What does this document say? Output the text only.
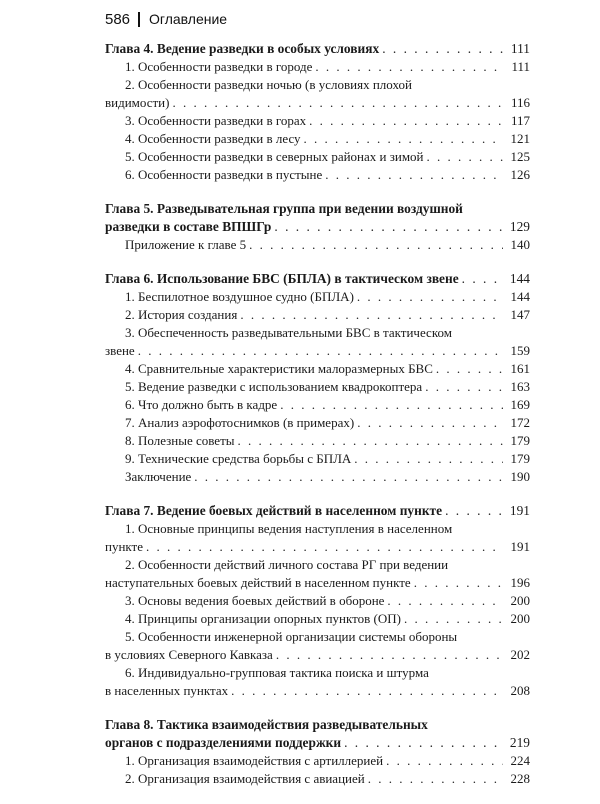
586 Оглавление
Глава 4. Ведение разведки в особых условиях . . .	111
1. Особенности разведки в городе . . .	111
2. Особенности разведки ночью (в условиях плохой
видимости) . . .	116
3. Особенности разведки в горах . . .	117
4. Особенности разведки в лесу . . .	121
5. Особенности разведки в северных районах и зимой . . .	125
6. Особенности разведки в пустыне . . .	126
Глава 5. Разведывательная группа при ведении воздушной
разведки в составе ВПШГр . . .	129
Приложение к главе 5 . . .	140
Глава 6. Использование БВС (БПЛА) в тактическом звене . . .	144
1. Беспилотное воздушное судно (БПЛА) . . .	144
2. История создания . . .	147
3. Обеспеченность разведывательными БВС в тактическом
звене . . .	159
4. Сравнительные характеристики малоразмерных БВС . . .	161
5. Ведение разведки с использованием квадрокоптера . . .	163
6. Что должно быть в кадре . . .	169
7. Анализ аэрофотоснимков (в примерах) . . .	172
8. Полезные советы . . .	179
9. Технические средства борьбы с БПЛА . . .	179
Заключение . . .	190
Глава 7. Ведение боевых действий в населенном пункте . . .	191
1. Основные принципы ведения наступления в населенном
пункте . . .	191
2. Особенности действий личного состава РГ при ведении
наступательных боевых действий в населенном пункте . . .	196
3. Основы ведения боевых действий в обороне . . .	200
4. Принципы организации опорных пунктов (ОП) . . .	200
5. Особенности инженерной организации системы обороны
в условиях Северного Кавказа . . .	202
6. Индивидуально-групповая тактика поиска и штурма
в населенных пунктах . . .	208
Глава 8. Тактика взаимодействия разведывательных
органов с подразделениями поддержки . . .	219
1. Организация взаимодействия с артиллерией . . .	224
2. Организация взаимодействия с авиацией . . .	228
